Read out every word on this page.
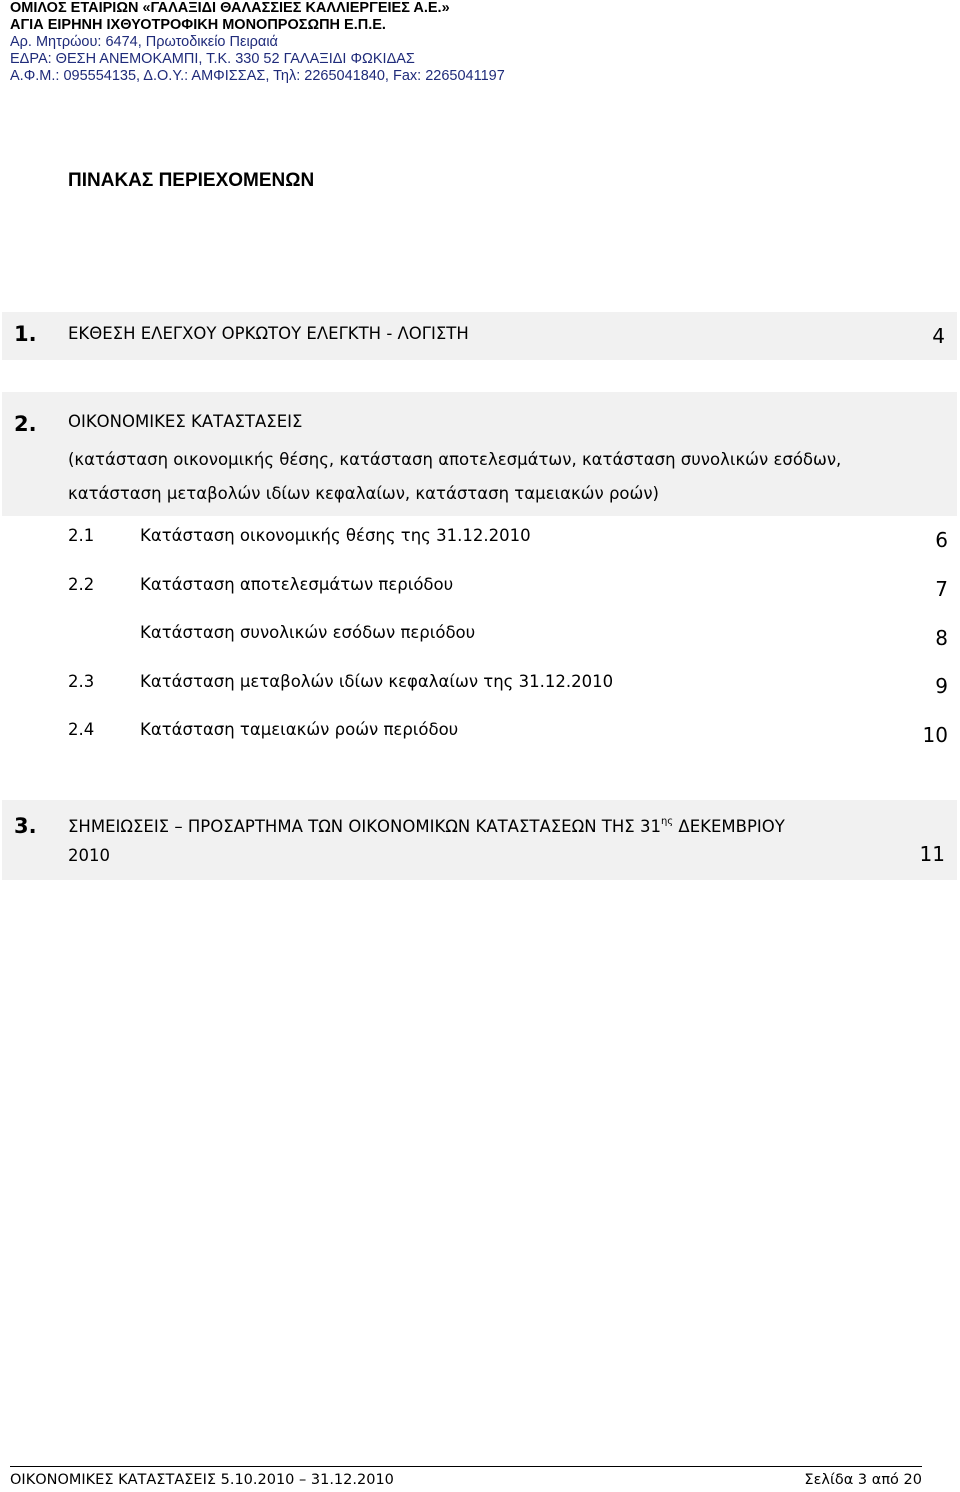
ΟΜΙΛΟΣ ΕΤΑΙΡΙΩΝ «ΓΑΛΑΞΙΔΙ ΘΑΛΑΣΣΙΕΣ ΚΑΛΛΙΕΡΓΕΙΕΣ Α.Ε.»
ΑΓΙΑ ΕΙΡΗΝΗ ΙΧΘΥΟΤΡΟΦΙΚΗ ΜΟΝΟΠΡΟΣΩΠΗ Ε.Π.Ε.
Αρ. Μητρώου: 6474, Πρωτοδικείο Πειραιά
ΕΔΡΑ: ΘΕΣΗ ΑΝΕΜΟΚΑΜΠΙ, Τ.Κ. 330 52 ΓΑΛΑΞΙΔΙ ΦΩΚΙΔΑΣ
Α.Φ.Μ.: 095554135, Δ.Ο.Υ.: ΑΜΦΙΣΣΑΣ, Τηλ: 2265041840, Fax: 2265041197
ΠΙΝΑΚΑΣ ΠΕΡΙΕΧΟΜΕΝΩΝ
1. ΕΚΘΕΣΗ ΕΛΕΓΧΟΥ ΟΡΚΩΤΟΥ ΕΛΕΓΚΤΗ - ΛΟΓΙΣΤΗ	4
2. ΟΙΚΟΝΟΜΙΚΕΣ ΚΑΤΑΣΤΑΣΕΙΣ
(κατάσταση οικονομικής θέσης, κατάσταση αποτελεσμάτων, κατάσταση συνολικών εσόδων,
κατάσταση μεταβολών ιδίων κεφαλαίων, κατάσταση ταμειακών ροών)
2.1	Κατάσταση οικονομικής θέσης της 31.12.2010	6
2.2	Κατάσταση αποτελεσμάτων περιόδου	7
Κατάσταση συνολικών εσόδων περιόδου	8
2.3	Κατάσταση μεταβολών ιδίων κεφαλαίων της 31.12.2010	9
2.4	Κατάσταση ταμειακών ροών περιόδου	10
3. ΣΗΜΕΙΩΣΕΙΣ – ΠΡΟΣΑΡΤΗΜΑ ΤΩΝ ΟΙΚΟΝΟΜΙΚΩΝ ΚΑΤΑΣΤΑΣΕΩΝ ΤΗΣ $31^{\eta\varsigma}$ ΔΕΚΕΜΒΡΙΟΥ
2010	11
ΟΙΚΟΝΟΜΙΚΕΣ ΚΑΤΑΣΤΑΣΕΙΣ 5.10.2010 – 31.12.2010	Σελίδα 3 από 20
